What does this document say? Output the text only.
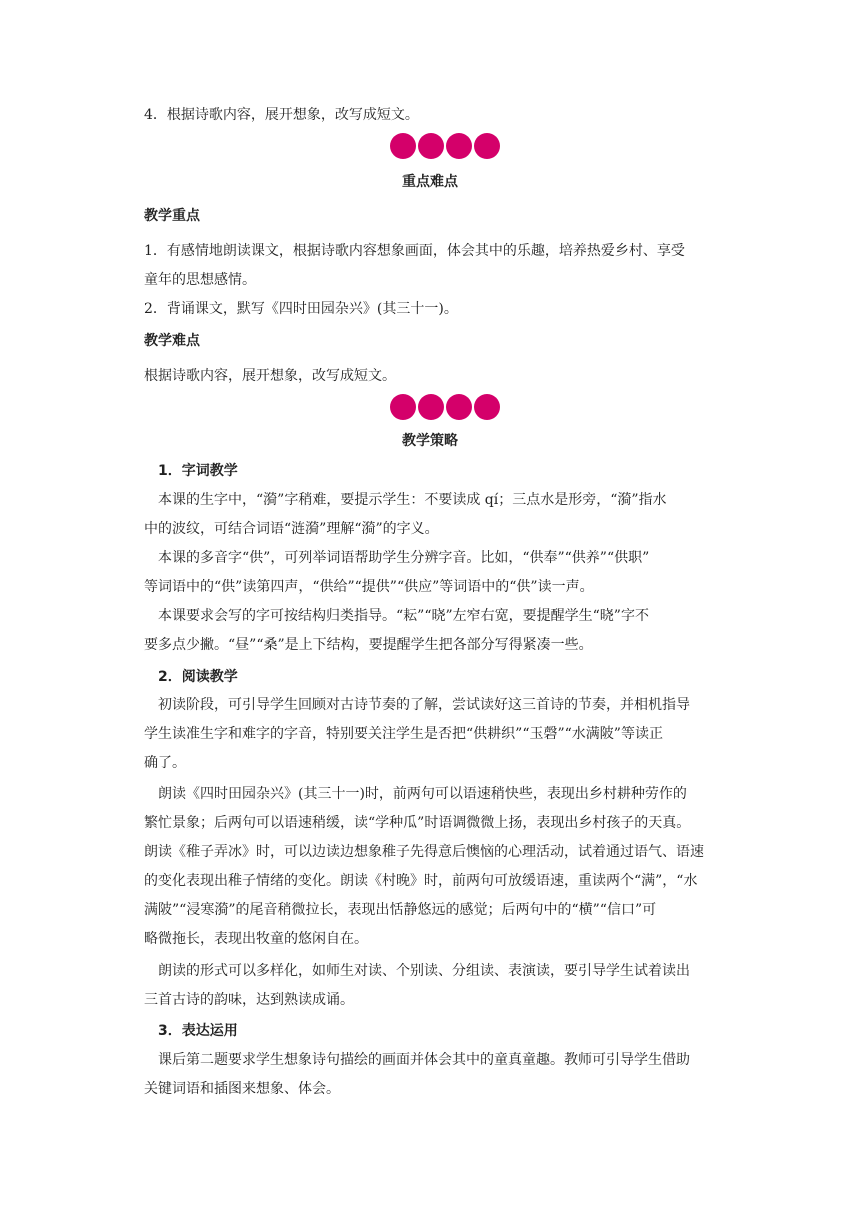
4．根据诗歌内容，展开想象，改写成短文。
重点难点
教学重点
1．有感情地朗读课文，根据诗歌内容想象画面，体会其中的乐趣，培养热爱乡村、享受
童年的思想感情。
2．背诵课文，默写《四时田园杂兴》(其三十一)。
教学难点
根据诗歌内容，展开想象，改写成短文。
教学策略
1．字词教学
本课的生字中，“漪”字稍难，要提示学生：不要读成 qí；三点水是形旁，“漪”指水
中的波纹，可结合词语“涟漪”理解“漪”的字义。
本课的多音字“供”，可列举词语帮助学生分辨字音。比如，“供奉”“供养”“供职”
等词语中的“供”读第四声，“供给”“提供”“供应”等词语中的“供”读一声。
本课要求会写的字可按结构归类指导。“耘”“晓”左窄右宽，要提醒学生“晓”字不
要多点少撇。“昼”“桑”是上下结构，要提醒学生把各部分写得紧凑一些。
2．阅读教学
初读阶段，可引导学生回顾对古诗节奏的了解，尝试读好这三首诗的节奏，并相机指导
学生读准生字和难字的字音，特别要关注学生是否把“供耕织”“玉磬”“水满陂”等读正
确了。
朗读《四时田园杂兴》(其三十一)时，前两句可以语速稍快些，表现出乡村耕种劳作的
繁忙景象；后两句可以语速稍缓，读“学种瓜”时语调微微上扬，表现出乡村孩子的天真。
朗读《稚子弄冰》时，可以边读边想象稚子先得意后懊恼的心理活动，试着通过语气、语速
的变化表现出稚子情绪的变化。朗读《村晚》时，前两句可放缓语速，重读两个“满”，“水
满陂”“浸寒漪”的尾音稍微拉长，表现出恬静悠远的感觉；后两句中的“横”“信口”可
略微拖长，表现出牧童的悠闲自在。
朗读的形式可以多样化，如师生对读、个别读、分组读、表演读，要引导学生试着读出
三首古诗的韵味，达到熟读成诵。
3．表达运用
课后第二题要求学生想象诗句描绘的画面并体会其中的童真童趣。教师可引导学生借助
关键词语和插图来想象、体会。
